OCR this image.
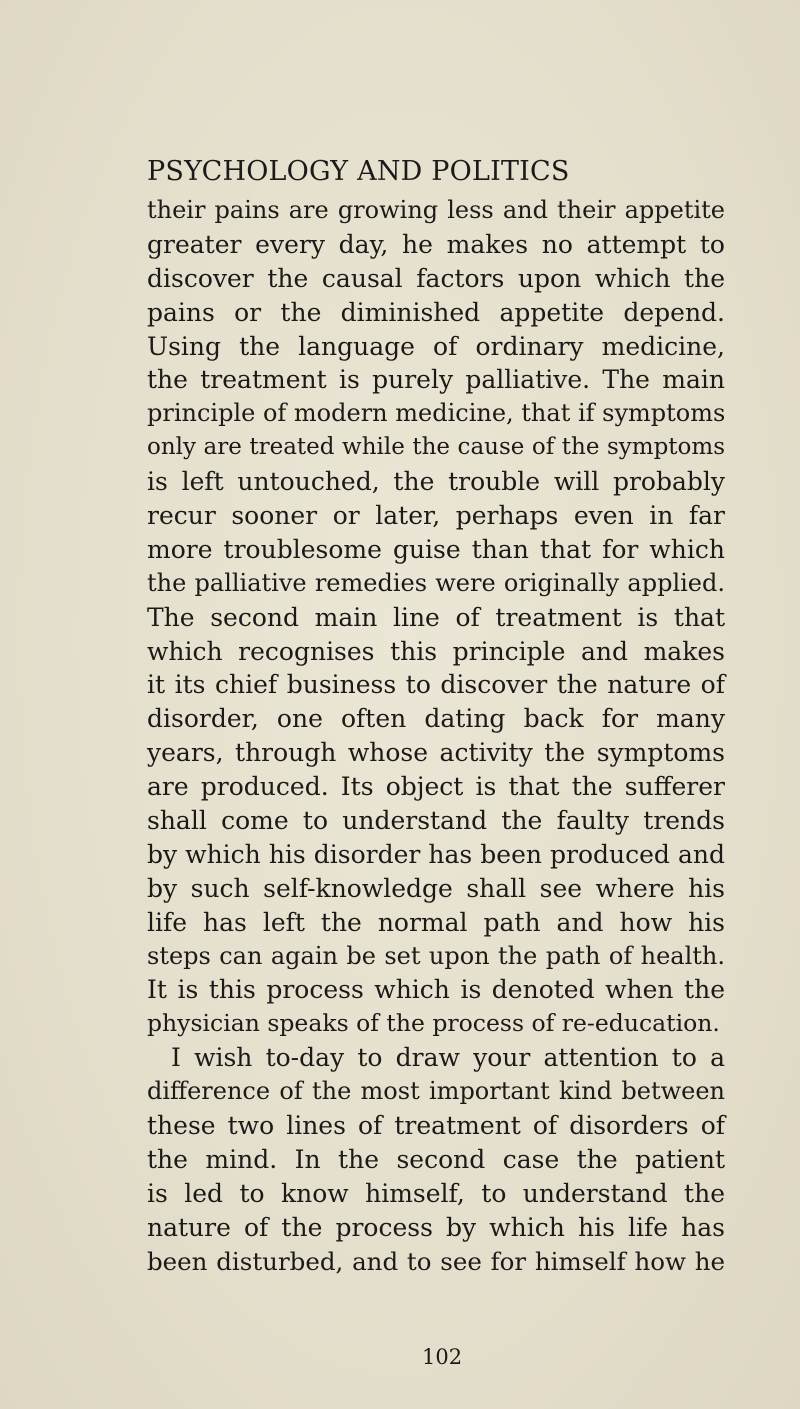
PSYCHOLOGY AND POLITICS
their pains are growing less and their appetite
greater every day, he makes no attempt to
discover the causal factors upon which the
pains or the diminished appetite depend.
Using the language of ordinary medicine,
the treatment is purely palliative. The main
principle of modern medicine, that if symptoms
only are treated while the cause of the symptoms
is left untouched, the trouble will probably
recur sooner or later, perhaps even in far
more troublesome guise than that for which
the palliative remedies were originally applied.
The second main line of treatment is that
which recognises this principle and makes
it its chief business to discover the nature of
disorder, one often dating back for many
years, through whose activity the symptoms
are produced. Its object is that the sufferer
shall come to understand the faulty trends
by which his disorder has been produced and
by such self-knowledge shall see where his
life has left the normal path and how his
steps can again be set upon the path of health.
It is this process which is denoted when the
physician speaks of the process of re-education.
I wish to-day to draw your attention to a
difference of the most important kind between
these two lines of treatment of disorders of
the mind. In the second case the patient
is led to know himself, to understand the
nature of the process by which his life has
been disturbed, and to see for himself how he
102
